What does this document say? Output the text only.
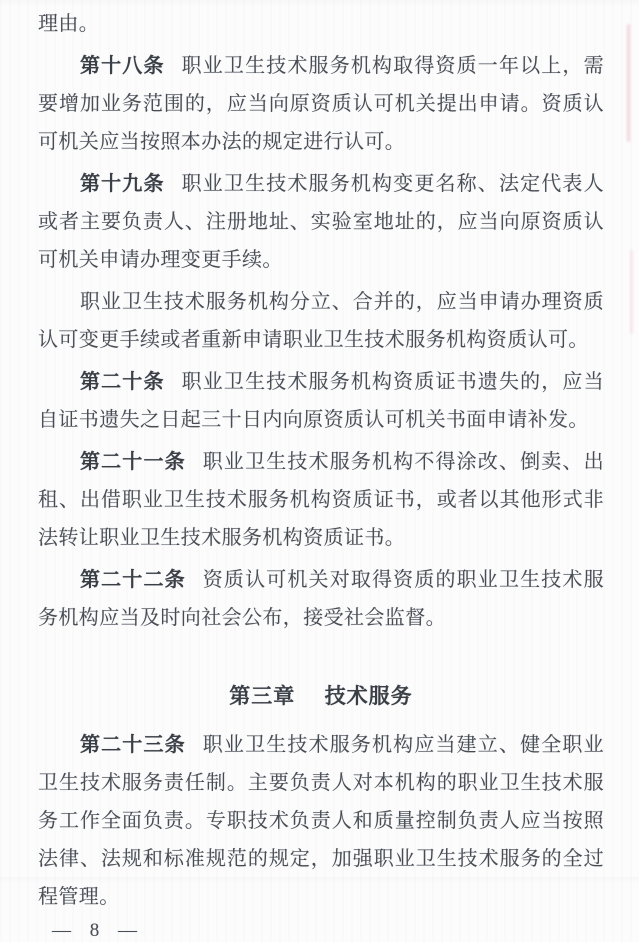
理由。

第十八条 职业卫生技术服务机构取得资质一年以上，需要增加业务范围的，应当向原资质认可机关提出申请。资质认可机关应当按照本办法的规定进行认可。

第十九条 职业卫生技术服务机构变更名称、法定代表人或者主要负责人、注册地址、实验室地址的，应当向原资质认可机关申请办理变更手续。

职业卫生技术服务机构分立、合并的，应当申请办理资质认可变更手续或者重新申请职业卫生技术服务机构资质认可。

第二十条 职业卫生技术服务机构资质证书遗失的，应当自证书遗失之日起三十日内向原资质认可机关书面申请补发。

第二十一条 职业卫生技术服务机构不得涂改、倒卖、出租、出借职业卫生技术服务机构资质证书，或者以其他形式非法转让职业卫生技术服务机构资质证书。

第二十二条 资质认可机关对取得资质的职业卫生技术服务机构应当及时向社会公布，接受社会监督。

第三章 技术服务

第二十三条 职业卫生技术服务机构应当建立、健全职业卫生技术服务责任制。主要负责人对本机构的职业卫生技术服务工作全面负责。专职技术负责人和质量控制负责人应当按照法律、法规和标准规范的规定，加强职业卫生技术服务的全过程管理。

— 8 —
